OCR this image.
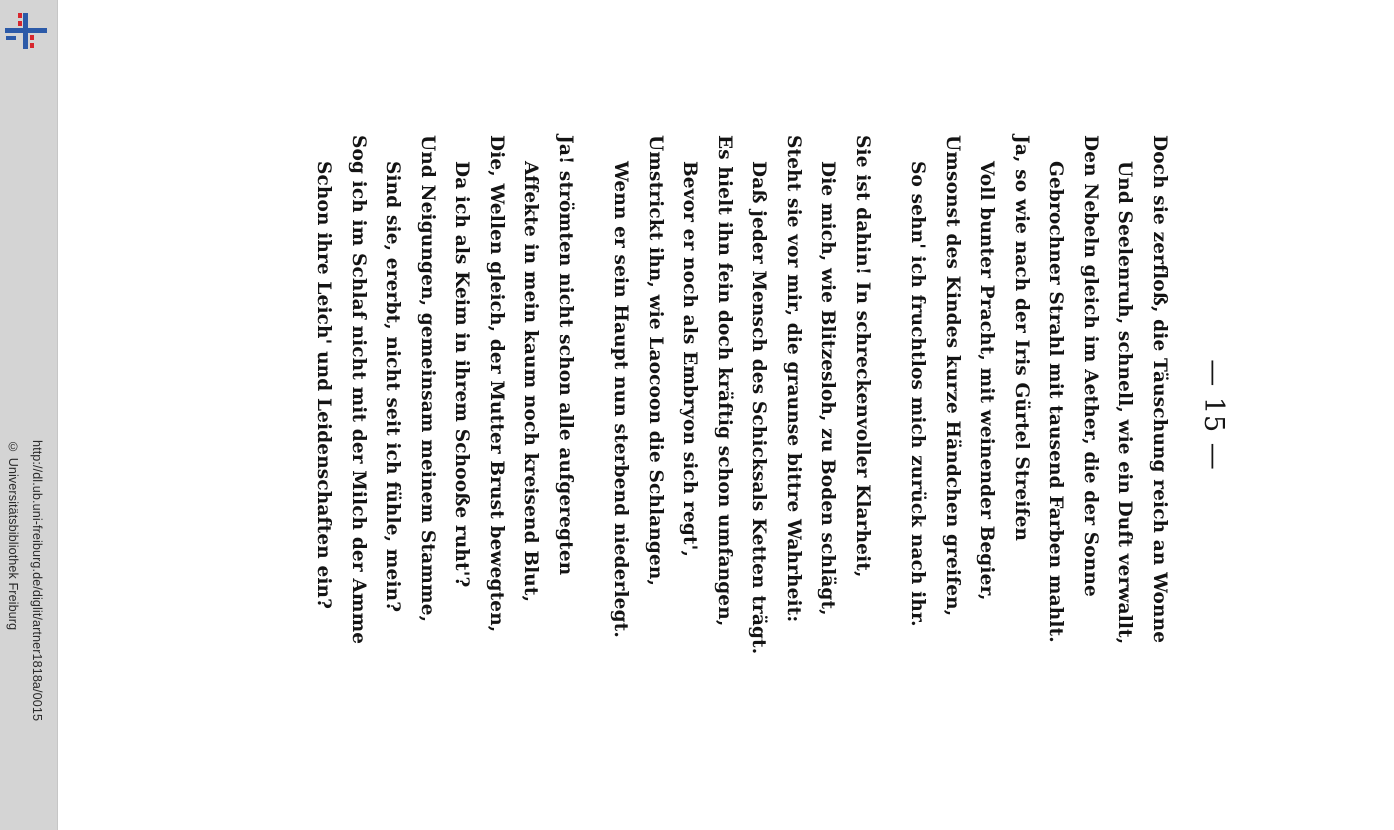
http://dl.ub.uni-freiburg.de/diglit/artner1818a/0015
© Universitätsbibliothek Freiburg
— 15 —
Doch sie zerfloß, die Täuschung reich an Wonne
Und Seelenruh, schnell, wie ein Duft verwallt,
Den Nebeln gleich im Aether, die der Sonne
Gebrochner Strahl mit tausend Farben mahlt.
Ja, so wie nach der Iris Gürtel Streifen
Voll bunter Pracht, mit weinender Begier,
Umsonst des Kindes kurze Händchen greifen,
So sehn' ich fruchtlos mich zurück nach ihr.
Sie ist dahin! In schreckenvoller Klarheit,
Die mich, wie Blitzesloh, zu Boden schlägt,
Steht sie vor mir, die graunse bittre Wahrheit:
Daß jeder Mensch des Schicksals Ketten trägt.
Es hielt ihn fein doch kräftig schon umfangen,
Bevor er noch als Embryon sich regt',
Umstrickt ihn, wie Laocoon die Schlangen,
Wenn er sein Haupt nun sterbend niederlegt.
Ja! strömten nicht schon alle aufgeregten
Affekte in mein kaum noch kreisend Blut,
Die, Wellen gleich, der Mutter Brust bewegten,
Da ich als Keim in ihrem Schooße ruht'?
Und Neigungen, gemeinsam meinem Stamme,
Sind sie, ererbt, nicht seit ich fühle, mein?
Sog ich im Schlaf nicht mit der Milch der Amme
Schon ihre Leich' und Leidenschaften ein?
